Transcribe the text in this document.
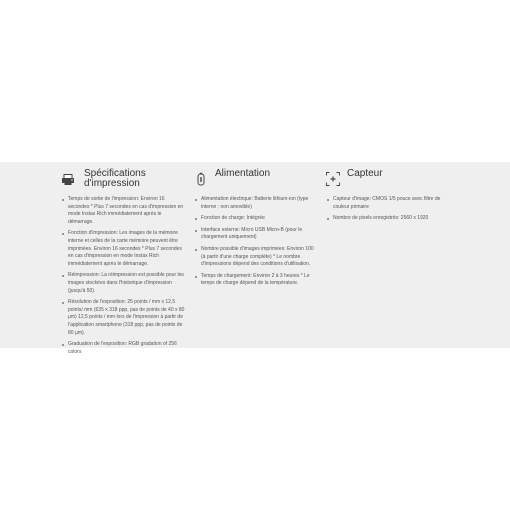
Spécifications
d'impression
Temps de sortie de l'impression: Environ 16 secondes * Plus 7 secondes en cas d'impression en mode Instax Rich immédiatement après le démarrage.
Fonction d'impression: Les images de la mémoire interne et celles de la carte mémoire peuvent être imprimées. Environ 16 secondes * Plus 7 secondes en cas d'impression en mode Instax Rich immédiatement après le démarrage.
Réimpression: La réimpression est possible pour les images stockées dans l'historique d'impression (jusqu'à 50).
Résolution de l'exposition: 25 points / mm x 12,5 points/ mm (635 x 318 ppp, pas de points de 40 x 80 μm) 12,5 points / mm lors de l'impression à partir de l'application smartphone (318 ppp, pas de points de 80 μm).
Graduation de l'exposition: RGB gradation of 256 colors
Alimentation
Alimentation électrique: Batterie lithium-ion (type interne : non amovible)
Fonction de charge: Intégrée
Interface externe: Micro USB Micro-B (pour le chargement uniquement)
Nombre possible d'images imprimées: Environ 100 (à partir d'une charge complète) * Le nombre d'impressions dépend des conditions d'utilisation.
Temps de chargement: Environ 2 à 3 heures * Le temps de charge dépend de la température.
Capteur
Capteur d'image: CMOS 1/5 pouce avec filtre de couleur primaire
Nombre de pixels enregistrés: 2560 x 1920
